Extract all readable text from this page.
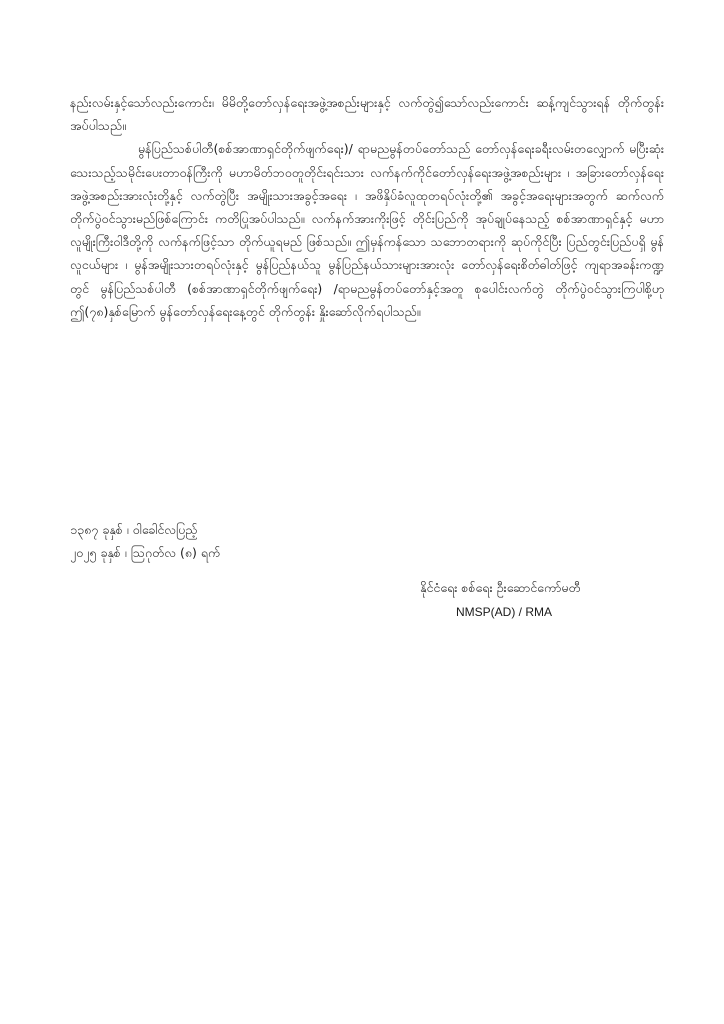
နည်းလမ်းနှင့်သော်လည်းကောင်း၊ မိမိတို့တော်လှန်ရေးအဖွဲ့အစည်းများနှင့် လက်တွဲ၍သော်လည်းကောင်း ဆန့်ကျင်သွားရန် တိုက်တွန်းအပ်ပါသည်။

မွန်ပြည်သစ်ပါတီ(စစ်အာဏာရှင်တိုက်ဖျက်ရေး)/ ရာမညမွန်တပ်တော်သည် တော်လှန်ရေးခရီးလမ်းတလျှောက် မပြီးဆုံးသေးသည့်သမိုင်းပေးတာဝန်ကြီးကို မဟာမိတ်ဘဝတူတိုင်းရင်းသား လက်နက်ကိုင်တော်လှန်ရေးအဖွဲ့အစည်းများ ၊ အခြားတော်လှန်ရေးအဖွဲ့အစည်းအားလုံးတို့နှင့် လက်တွဲပြီး အမျိုးသားအခွင့်အရေး ၊ အဖိနှိပ်ခံလူထုတရပ်လုံးတို့၏ အခွင့်အရေးများအတွက် ဆက်လက်တိုက်ပွဲဝင်သွားမည်ဖြစ်ကြောင်း ကတိပြုအပ်ပါသည်။ လက်နက်အားကိုးဖြင့် တိုင်းပြည်ကို အုပ်ချုပ်နေသည့် စစ်အာဏာရှင်နှင့် မဟာလူမျိုးကြီးဝါဒီတို့ကို လက်နက်ဖြင့်သာ တိုက်ယူရမည် ဖြစ်သည်။ ဤမှန်ကန်သော သဘောတရားကို ဆုပ်ကိုင်ပြီး ပြည်တွင်းပြည်ပရှိ မွန်လူငယ်များ ၊ မွန်အမျိုးသားတရပ်လုံးနှင့် မွန်ပြည်နယ်သူ မွန်ပြည်နယ်သားများအားလုံး တော်လှန်ရေးစိတ်ဓါတ်ဖြင့် ကျရာအခန်းကဏ္ဍတွင် မွန်ပြည်သစ်ပါတီ (စစ်အာဏာရှင်တိုက်ဖျက်ရေး) /ရာမညမွန်တပ်တော်နှင့်အတူ စုပေါင်းလက်တွဲ တိုက်ပွဲဝင်သွားကြပါစို့ဟု ဤ(၇၈)နှစ်မြောက် မွန်တော်လှန်ရေးနေ့တွင် တိုက်တွန်း နှိုးဆော်လိုက်ရပါသည်။

၁၃၈၇ ခုနှစ် ၊ ဝါခေါင်လပြည့်
၂၀၂၅ ခုနှစ် ၊ ဩဂုတ်လ (၈) ရက်
နိုင်ငံရေး စစ်ရေး ဦးဆောင်ကော်မတီ
NMSP(AD) / RMA
